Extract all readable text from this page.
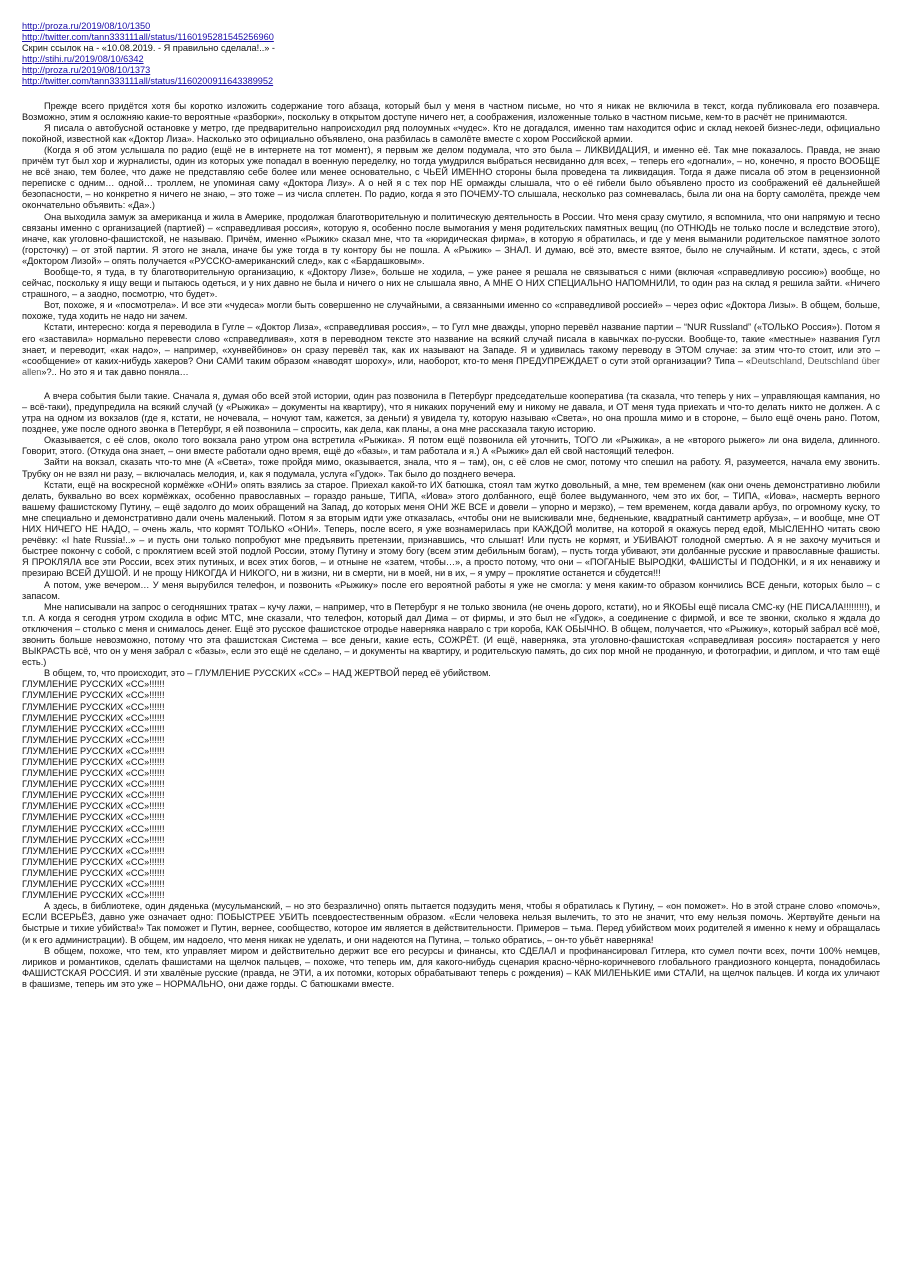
http://proza.ru/2019/08/10/1350
http://twitter.com/tann333111all/status/1160195281545256960
Скрин ссылок на - «10.08.2019. - Я правильно сделала!..» -
http://stihi.ru/2019/08/10/6342
http://proza.ru/2019/08/10/1373
http://twitter.com/tann333111all/status/1160200911643389952

Прежде всего придётся хотя бы коротко изложить содержание того абзаца, который был у меня в частном письме, но что я никак не включила в текст, когда публиковала его позавчера. Возможно, этим я осложняю какие-то вероятные «разборки», поскольку в открытом доступе ничего нет, а соображения, изложенные только в частном письме, кем-то в расчёт не принимаются.

Я писала о автобусной остановке у метро, где предварительно напроисходил ряд полоумных «чудес». Кто не догадался, именно там находится офис и склад некоей бизнес-леди, официально покойной, известной как «Доктор Лиза». Насколько это официально объявлено, она разбилась в самолёте вместе с хором Российской армии.

(Когда я об этом услышала по радио (ещё не в интернете на тот момент), я первым же делом подумала, что это была – ЛИКВИДАЦИЯ, и именно её. Так мне показалось. Правда, не знаю причём тут был хор и журналисты, один из которых уже попадал в военную переделку, но тогда умудрился выбраться несвиданно для всех, – теперь его «догнали», – но, конечно, я просто ВООБЩЕ не всё знаю, тем более, что даже не представляю себе более или менее основательно, с ЧЬЕЙ ИМЕННО стороны была проведена та ликвидация. Тогда я даже писала об этом в рецензионной переписке с одним… одной… троллем, не упоминая саму «Доктора Лизу». А о ней я с тех пор НЕ ормажды слышала, что о её гибели было объявлено просто из соображений её дальнейшей безопасности, – но конкретно я ничего не знаю, – это тоже – из числа сплетен. По радио, когда я это ПОЧЕМУ-ТО слышала, несколько раз сомневалась, была ли она на борту самолёта, прежде чем окончательно объявить: «Да».)

Она выходила замуж за американца и жила в Америке, продолжая благотворительную и политическую деятельность в России. Что меня сразу смутило, я вспомнила, что они напрямую и тесно связаны именно с организацией (партией) – «справедливая россия», которую я, особенно после вымогания у меня родительских памятных вещиц (по ОТНЮДЬ не только после и вследствие этого), иначе, как уголовно-фашистской, не называю. Причём, именно «Рыжик» сказал мне, что та «юридическая фирма», в которую я обратилась, и где у меня выманили родительское памятное золото (горсточку) – от этой партии. Я этого не знала, иначе бы уже тогда в ту контору бы не пошла. А «Рыжик» – ЗНАЛ. И думаю, всё это, вместе взятое, было не случайным. И кстати, здесь, с этой «Доктором Лизой» – опять получается «РУССКО-американский след», как с «Бардашковым».

Вообще-то, я туда, в ту благотворительную организацию, к «Доктору Лизе», больше не ходила, – уже ранее я решала не связываться с ними (включая «справедливую россию») вообще, но сейчас, поскольку я ищу вещи и пытаюсь одеться, и у них давно не была и ничего о них не слышала явно, А МНЕ О НИХ СПЕЦИАЛЬНО НАПОМНИЛИ, то один раз на склад я решила зайти. «Ничего страшного, – а заодно, посмотрю, что будет».

Вот, похоже, я и «посмотрела». И все эти «чудеса» могли быть совершенно не случайными, а связанными именно со «справедливой россией» – через офис «Доктора Лизы». В общем, больше, похоже, туда ходить не надо ни зачем.

Кстати, интересно: когда я переводила в Гугле – «Доктор Лиза», «справедливая россия», – то Гугл мне дважды, упорно перевёл название партии – “NUR Russland” («ТОЛЬКО Россия»). Потом я его «заставила» нормально перевести слово «справедливая», хотя в переводном тексте это название на всякий случай писала в кавычках по-русски. Вообще-то, такие «местные» названия Гугл знает, и переводит, «как надо», – например, «хунвейбинов» он сразу перевёл так, как их называют на Западе. Я и удивилась такому переводу в ЭТОМ случае: за этим что-то стоит, или это – «сообщение» от каких-нибудь хакеров? Они САМИ таким образом «наводят шороху», или, наоборот, кто-то меня ПРЕДУПРЕЖДАЕТ о сути этой организации? Типа – «Deutschland, Deutschland über allen»?.. Но это я и так давно поняла…

А вчера события были такие. Сначала я, думая обо всей этой истории, один раз позвонила в Петербург председательше кооператива (та сказала, что теперь у них – управляющая кампания, но – всё-таки), предупредила на всякий случай (у «Рыжика» – документы на квартиру), что я никаких поручений ему и никому не давала, и ОТ меня туда приехать и что-то делать никто не должен. А с утра на одном из вокзалов (где я, кстати, не ночевала, – ночуют там, кажется, за деньги) я увидела ту, которую называю «Света», но она прошла мимо и в стороне, – было ещё очень рано. Потом, позднее, уже после одного звонка в Петербург, я ей позвонила – спросить, как дела, как планы, а она мне рассказала такую историю.

Оказывается, с её слов, около того вокзала рано утром она встретила «Рыжика». Я потом ещё позвонила ей уточнить, ТОГО ли «Рыжика», а не «второго рыжего» ли она видела, длинного. Говорит, этого. (Откуда она знает, – они вместе работали одно время, ещё до «базы», и там работала и я.) А «Рыжик» дал ей свой настоящий телефон.

Зайти на вокзал, сказать что-то мне (А «Света», тоже пройдя мимо, оказывается, знала, что я – там), он, с её слов не смог, потому что спешил на работу. Я, разумеется, начала ему звонить. Трубку он не взял ни разу, – включалась мелодия, и, как я подумала, услуга «Гудок». Так было до позднего вечера.

Кстати, ещё на воскресной кормёжке «ОНИ» опять взялись за старое. Приехал какой-то ИХ батюшка, стоял там жутко довольный, а мне, тем временем (как они очень демонстративно любили делать, буквально во всех кормёжках, особенно православных – гораздо раньше, ТИПА, «Иова» этого долбанного, ещё более выдуманного, чем это их бог, – ТИПА, «Иова», насмерть верного вашему фашистскому Путину, – ещё задолго до моих обращений на Запад, до которых меня ОНИ ЖЕ ВСЕ и довели – упорно и мерзко), – тем временем, когда давали арбуз, по огромному куску, то мне специально и демонстративно дали очень маленький. Потом я за вторым идти уже отказалась, «чтобы они не выискивали мне, бедненькие, квадратный сантиметр арбуза», – и вообще, мне ОТ НИХ НИЧЕГО НЕ НАДО, – очень жаль, что кормят ТОЛЬКО «ОНИ». Теперь, после всего, я уже вознамерилась при КАЖДОЙ молитве, на которой я окажусь перед едой, МЫСЛЕННО читать свою речёвку: «I hate Russia!..» – и пусть они только попробуют мне предъявить претензии, признавшись, что слышат! Или пусть не кормят, и УБИВАЮТ голодной смертью. А я не захочу мучиться и быстрее покончу с собой, с проклятием всей этой подлой России, этому Путину и этому богу (всем этим дебильным богам), – пусть тогда убивают, эти долбанные русские и православные фашисты. Я ПРОКЛЯЛА все эти России, всех этих путиных, и всех этих богов, – и отныне не «затем, чтобы…», а просто потому, что они – «ПОГАНЫЕ ВЫРОДКИ, ФАШИСТЫ И ПОДОНКИ, и я их ненавижу и презираю ВСЕЙ ДУШОЙ. И не прощу НИКОГДА И НИКОГО, ни в жизни, ни в смерти, ни в моей, ни в их, – я умру – проклятие останется и сбудется!!!

А потом, уже вечером… У меня вырубился телефон, и позвонить «Рыжику» после его вероятной работы я уже не смогла: у меня каким-то образом кончились ВСЕ деньги, которых было – с запасом.

Мне написывали на запрос о сегодняшних тратах – кучу лажи, – например, что в Петербург я не только звонила (не очень дорого, кстати), но и ЯКОБЫ ещё писала СМС-ку (НЕ ПИСАЛА!!!!!!!!!), и т.п. А когда я сегодня утром сходила в офис МТС, мне сказали, что телефон, который дал Дима – от фирмы, и это был не «Гудок», а соединение с фирмой, и все те звонки, сколько я ждала до отключения – столько с меня и снималось денег. Ещё это русское фашистское отродье наверняка наврало с три короба, КАК ОБЫЧНО. В общем, получается, что «Рыжику», который забрал всё моё, звонить больше невозможно, потому что эта фашистская Система – все деньги, какие есть, СОЖРЁТ. (И ещё, наверняка, эта уголовно-фашистская «справедливая россия» постарается у него ВЫКРАСТЬ всё, что он у меня забрал с «базы», если это ещё не сделано, – и документы на квартиру, и родительскую память, до сих пор мной не проданную, и фотографии, и диплом, и что там ещё есть.)

В общем, то, что происходит, это – ГЛУМЛЕНИЕ РУССКИХ «СС» – НАД ЖЕРТВОЙ перед её убийством.

ГЛУМЛЕНИЕ РУССКИХ «СС»!!!!!!
ГЛУМЛЕНИЕ РУССКИХ «СС»!!!!!!
ГЛУМЛЕНИЕ РУССКИХ «СС»!!!!!!
ГЛУМЛЕНИЕ РУССКИХ «СС»!!!!!!
ГЛУМЛЕНИЕ РУССКИХ «СС»!!!!!!
ГЛУМЛЕНИЕ РУССКИХ «СС»!!!!!!
ГЛУМЛЕНИЕ РУССКИХ «СС»!!!!!!
ГЛУМЛЕНИЕ РУССКИХ «СС»!!!!!!
ГЛУМЛЕНИЕ РУССКИХ «СС»!!!!!!
ГЛУМЛЕНИЕ РУССКИХ «СС»!!!!!!
ГЛУМЛЕНИЕ РУССКИХ «СС»!!!!!!
ГЛУМЛЕНИЕ РУССКИХ «СС»!!!!!!
ГЛУМЛЕНИЕ РУССКИХ «СС»!!!!!!
ГЛУМЛЕНИЕ РУССКИХ «СС»!!!!!!
ГЛУМЛЕНИЕ РУССКИХ «СС»!!!!!!
ГЛУМЛЕНИЕ РУССКИХ «СС»!!!!!!
ГЛУМЛЕНИЕ РУССКИХ «СС»!!!!!!
ГЛУМЛЕНИЕ РУССКИХ «СС»!!!!!!
ГЛУМЛЕНИЕ РУССКИХ «СС»!!!!!!
ГЛУМЛЕНИЕ РУССКИХ «СС»!!!!!!

А здесь, в библиотеке, один дяденька (мусульманский, – но это безразлично) опять пытается подзудить меня, чтобы я обратилась к Путину, – «он поможет». Но в этой стране слово «помочь», ЕСЛИ ВСЕРЬЁЗ, давно уже означает одно: ПОБЫСТРЕЕ УБИТЬ псевдоестественным образом. «Если человека нельзя вылечить, то это не значит, что ему нельзя помочь. Жертвуйте деньги на быстрые и тихие убийства!» Так поможет и Путин, вернее, сообщество, которое им является в действительности. Примеров – тьма. Перед убийством моих родителей я именно к нему и обращалась (и к его администрации). В общем, им надоело, что меня никак не уделать, и они надеются на Путина, – только обратись, – он-то убьёт наверняка!

В общем, похоже, что тем, кто управляет миром и действительно держит все его ресурсы и финансы, кто СДЕЛАЛ и профинансировал Гитлера, кто сумел почти всех, почти 100% немцев, лириков и романтиков, сделать фашистами на щелчок пальцев, – похоже, что теперь им, для какого-нибудь сценария красно-чёрно-коричневого глобального грандиозного концерта, понадобилась ФАШИСТСКАЯ РОССИЯ. И эти хвалёные русские (правда, не ЭТИ, а их потомки, которых обрабатывают теперь с рождения) – КАК МИЛЕНЬКИЕ ими СТАЛИ, на щелчок пальцев. И когда их уличают в фашизме, теперь им это уже – НОРМАЛЬНО, они даже горды. С батюшками вместе.
